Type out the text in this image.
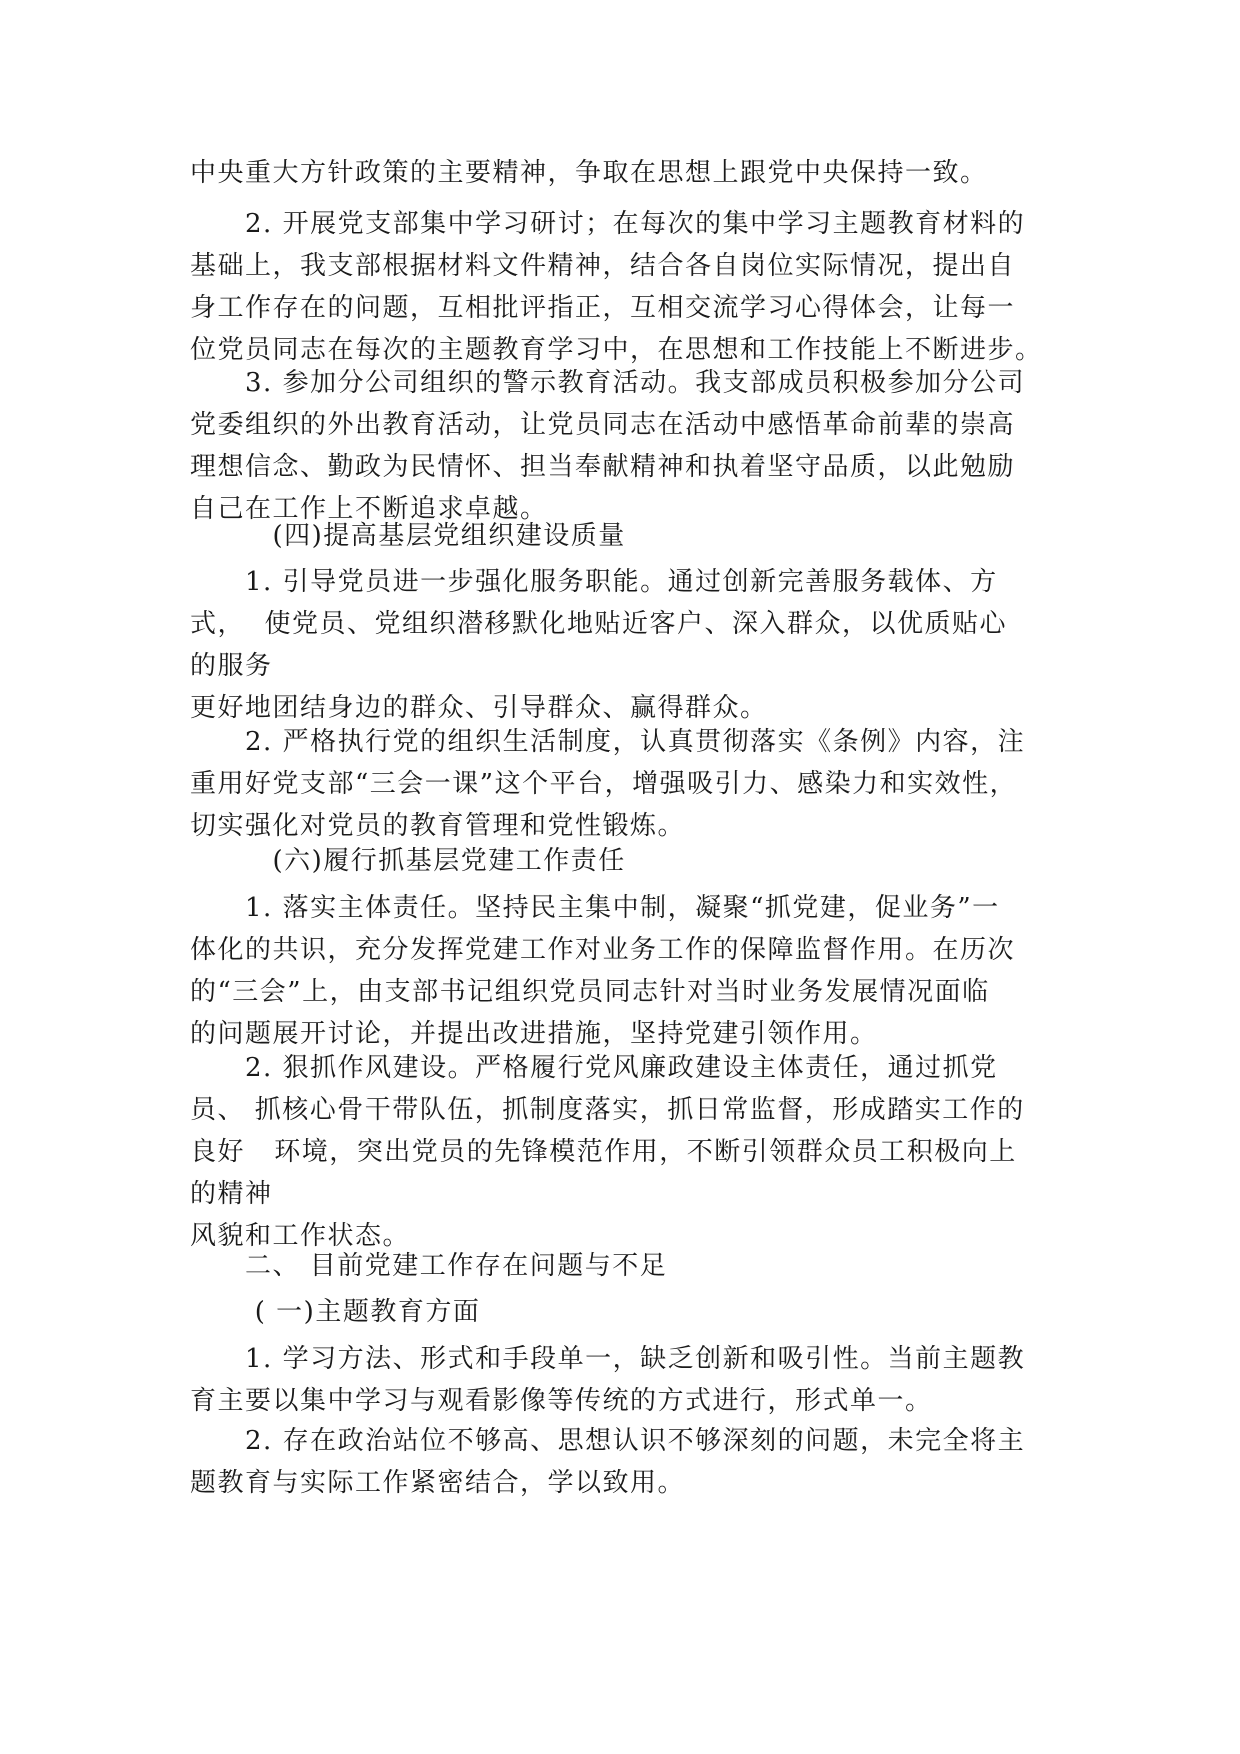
中央重大方针政策的主要精神，争取在思想上跟党中央保持一致。

　　2. 开展党支部集中学习研讨；在每次的集中学习主题教育材料的
基础上，我支部根据材料文件精神，结合各自岗位实际情况，提出自
身工作存在的问题，互相批评指正，互相交流学习心得体会，让每一
位党员同志在每次的主题教育学习中，在思想和工作技能上不断进步。

　　3. 参加分公司组织的警示教育活动。我支部成员积极参加分公司
党委组织的外出教育活动，让党员同志在活动中感悟革命前辈的崇高
理想信念、勤政为民情怀、担当奉献精神和执着坚守品质，以此勉励
自己在工作上不断追求卓越。

　　　(四)提高基层党组织建设质量

　　1. 引导党员进一步强化服务职能。通过创新完善服务载体、方
式，  使党员、党组织潜移默化地贴近客户、深入群众，以优质贴心
的服务
更好地团结身边的群众、引导群众、赢得群众。

　　2. 严格执行党的组织生活制度，认真贯彻落实《条例》内容，注
重用好党支部“三会一课”这个平台，增强吸引力、感染力和实效性，
切实强化对党员的教育管理和党性锻炼。

　　　(六)履行抓基层党建工作责任

　　1. 落实主体责任。坚持民主集中制，凝聚“抓党建，促业务”一
体化的共识，充分发挥党建工作对业务工作的保障监督作用。在历次
的“三会”上，由支部书记组织党员同志针对当时业务发展情况面临
的问题展开讨论，并提出改进措施，坚持党建引领作用。

　　2. 狠抓作风建设。严格履行党风廉政建设主体责任，通过抓党
员、 抓核心骨干带队伍，抓制度落实，抓日常监督，形成踏实工作的
良好   环境，突出党员的先锋模范作用，不断引领群众员工积极向上
的精神
风貌和工作状态。

　　二、 目前党建工作存在问题与不足

　　 ( 一)主题教育方面

　　1. 学习方法、形式和手段单一，缺乏创新和吸引性。当前主题教
育主要以集中学习与观看影像等传统的方式进行，形式单一。

　　2. 存在政治站位不够高、思想认识不够深刻的问题，未完全将主
题教育与实际工作紧密结合，学以致用。
